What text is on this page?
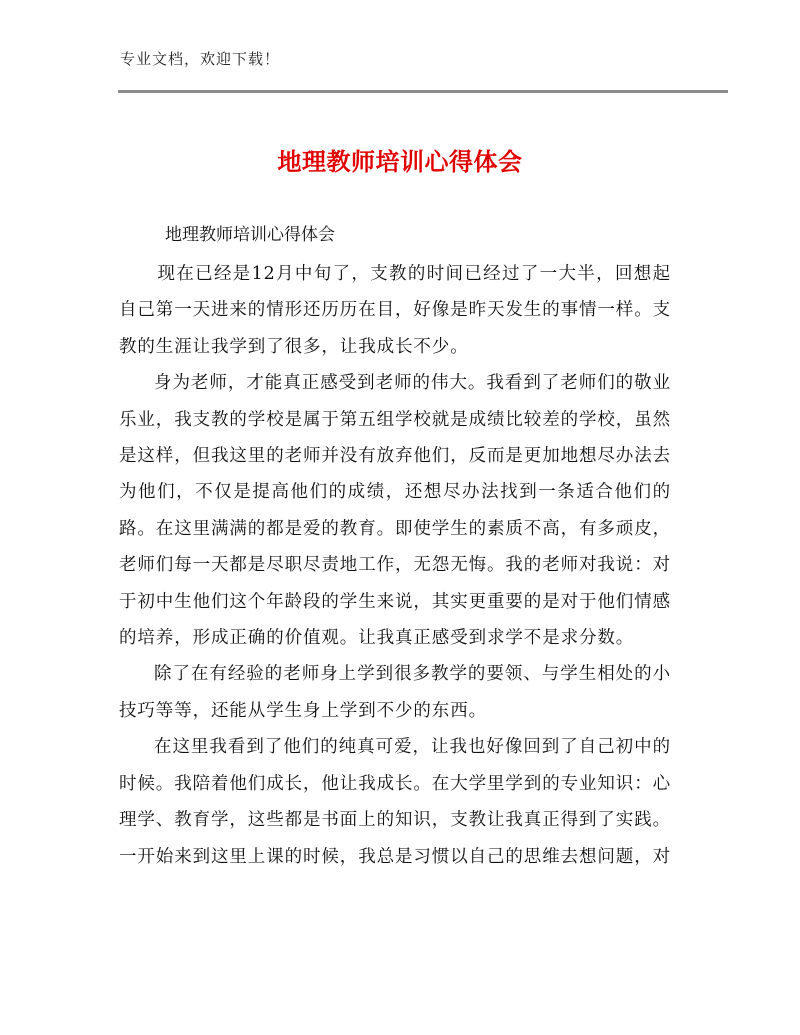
专业文档，欢迎下载！
地理教师培训心得体会
地理教师培训心得体会

现在已经是12月中旬了，支教的时间已经过了一大半，回想起自己第一天进来的情形还历历在目，好像是昨天发生的事情一样。支教的生涯让我学到了很多，让我成长不少。

身为老师，才能真正感受到老师的伟大。我看到了老师们的敬业乐业，我支教的学校是属于第五组学校就是成绩比较差的学校，虽然是这样，但我这里的老师并没有放弃他们，反而是更加地想尽办法去为他们，不仅是提高他们的成绩，还想尽办法找到一条适合他们的路。在这里满满的都是爱的教育。即使学生的素质不高，有多顽皮，老师们每一天都是尽职尽责地工作，无怨无悔。我的老师对我说：对于初中生他们这个年龄段的学生来说，其实更重要的是对于他们情感的培养，形成正确的价值观。让我真正感受到求学不是求分数。

除了在有经验的老师身上学到很多教学的要领、与学生相处的小技巧等等，还能从学生身上学到不少的东西。

在这里我看到了他们的纯真可爱，让我也好像回到了自己初中的时候。我陪着他们成长，他让我成长。在大学里学到的专业知识：心理学、教育学，这些都是书面上的知识，支教让我真正得到了实践。一开始来到这里上课的时候，我总是习惯以自己的思维去想问题，对
